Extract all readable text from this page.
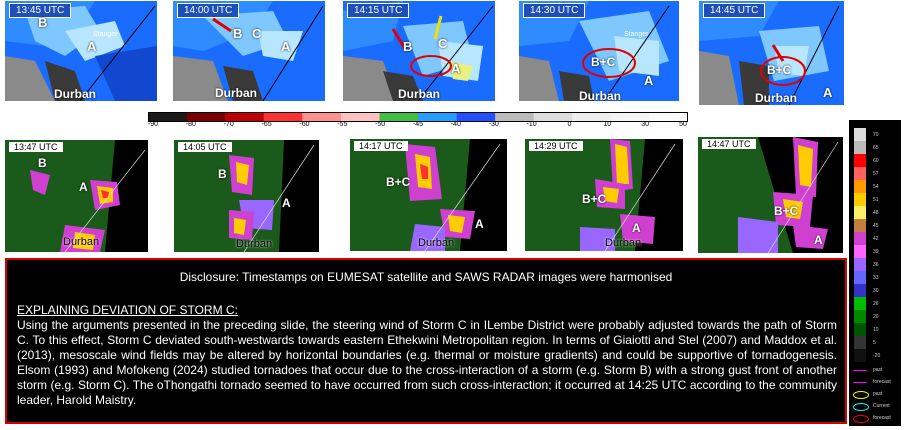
13:45 UTC
B
A
Stanger
Durban
14:00 UTC
B C
A
Durban
14:15 UTC
B C
A
Durban
14:30 UTC
B+C
A
Stanger
Durban
14:45 UTC
B+C
A
Durban
-90	-80	-70	-65	-60	-55	-50	-45	-40	-30	-10	0	10	30	50
13:47 UTC
B
A
Durban
14:05 UTC
B
A
Durban
14:17 UTC
B+C
A
Durban
14:29 UTC
B+C
A
Durban
14:47 UTC
B+C
A
70
65
60
57
54
51
48
45
42
39
36
33
30
26
20
10
5
-20
past
forecast
past
Current
forecast
Disclosure: Timestamps on EUMESAT satellite and SAWS RADAR images were harmonised
EXPLAINING DEVIATION OF STORM C:
Using the arguments presented in the preceding slide, the steering wind of Storm C in ILembe District were probably adjusted towards the path of Storm C. To this effect, Storm C deviated south-westwards towards eastern Ethekwini Metropolitan region. In terms of Giaiotti and Stel (2007) and Maddox et al. (2013), mesoscale wind fields may be altered by horizontal boundaries (e.g. thermal or moisture gradients) and could be supportive of tornadogenesis. Elsom (1993) and Mofokeng (2024) studied tornadoes that occur due to the cross-interaction of a storm (e.g. Storm B) with a strong gust front of another storm (e.g. Storm C). The oThongathi tornado seemed to have occurred from such cross-interaction; it occurred at 14:25 UTC according to the community leader, Harold Maistry.
